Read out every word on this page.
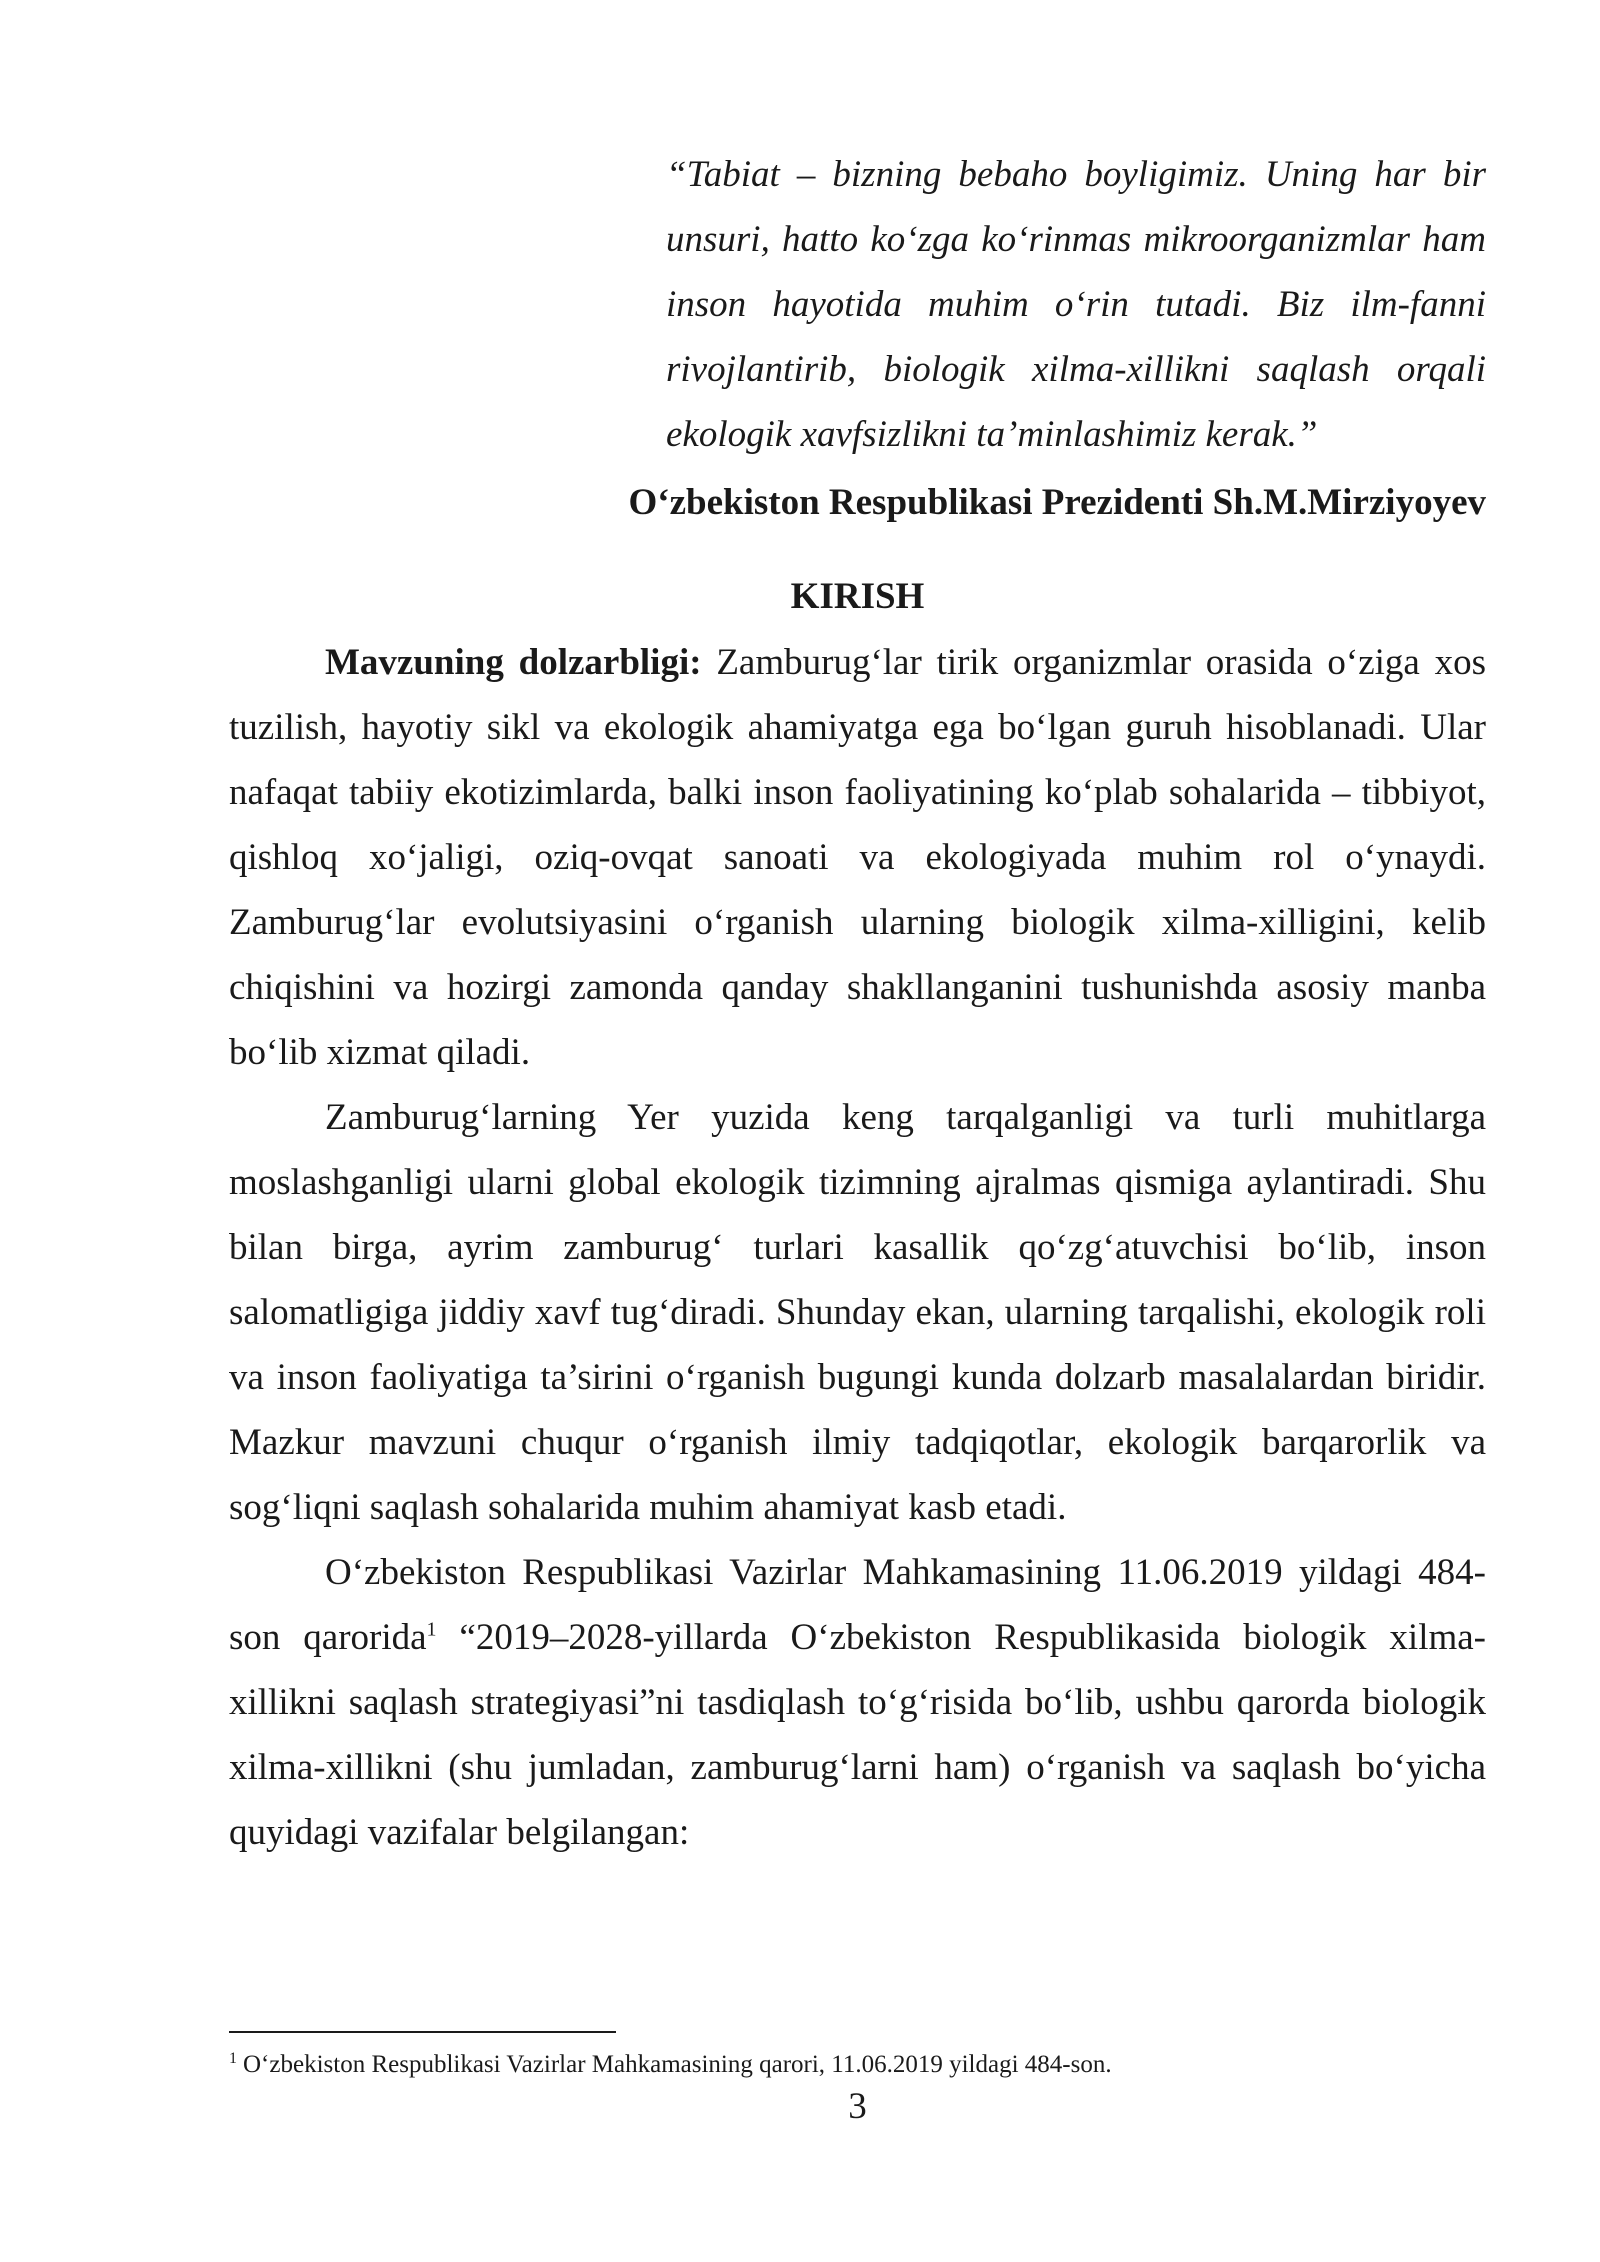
“Tabiat – bizning bebaho boyligimiz. Uning har bir unsuri, hatto ko‘zga ko‘rinmas mikroorganizmlar ham inson hayotida muhim o‘rin tutadi. Biz ilm-fanni rivojlantirib, biologik xilma-xillikni saqlash orqali ekologik xavfsizlikni ta’minlashimiz kerak.”

O‘zbekiston Respublikasi Prezidenti Sh.M.Mirziyoyev

KIRISH

Mavzuning dolzarbligi: Zamburug‘lar tirik organizmlar orasida o‘ziga xos tuzilish, hayotiy sikl va ekologik ahamiyatga ega bo‘lgan guruh hisoblanadi. Ular nafaqat tabiiy ekotizimlarda, balki inson faoliyatining ko‘plab sohalarida – tibbiyot, qishloq xo‘jaligi, oziq-ovqat sanoati va ekologiyada muhim rol o‘ynaydi. Zamburug‘lar evolutsiyasini o‘rganish ularning biologik xilma-xilligini, kelib chiqishini va hozirgi zamonda qanday shakllanganini tushunishda asosiy manba bo‘lib xizmat qiladi.

Zamburug‘larning Yer yuzida keng tarqalganligi va turli muhitlarga moslashganligi ularni global ekologik tizimning ajralmas qismiga aylantiradi. Shu bilan birga, ayrim zamburug‘ turlari kasallik qo‘zg‘atuvchisi bo‘lib, inson salomatligiga jiddiy xavf tug‘diradi. Shunday ekan, ularning tarqalishi, ekologik roli va inson faoliyatiga ta’sirini o‘rganish bugungi kunda dolzarb masalalardan biridir. Mazkur mavzuni chuqur o‘rganish ilmiy tadqiqotlar, ekologik barqarorlik va sog‘liqni saqlash sohalarida muhim ahamiyat kasb etadi.

O‘zbekiston Respublikasi Vazirlar Mahkamasining 11.06.2019 yildagi 484-son qarorida$^1$ “2019–2028-yillarda O‘zbekiston Respublikasida biologik xilma-xillikni saqlash strategiyasi”ni tasdiqlash to‘g‘risida bo‘lib, ushbu qarorda biologik xilma-xillikni (shu jumladan, zamburug‘larni ham) o‘rganish va saqlash bo‘yicha quyidagi vazifalar belgilangan:

$^1$ O‘zbekiston Respublikasi Vazirlar Mahkamasining qarori, 11.06.2019 yildagi 484-son.

3
